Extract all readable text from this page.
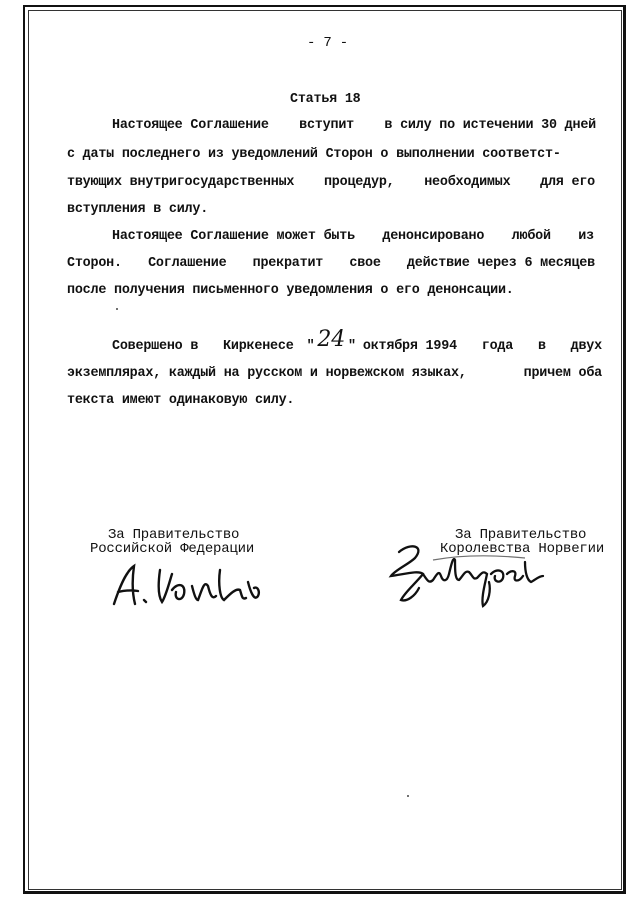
- 7 -
Статья 18
Настоящее Соглашение вступит в силу по истечении 30 дней
с даты последнего из уведомлений Сторон о выполнении соответст-
твующих внутригосударственных процедур, необходимых для его
вступления в силу.
Настоящее Соглашение может быть денонсировано любой из
Сторон. Соглашение прекратит свое действие через 6 месяцев
после получения письменного уведомления о его денонсации.
Совершено в Киркенесе " 24 " октября 1994 года в двух
экземплярах, каждый на русском и норвежском языках,	причем оба
текста имеют одинаковую силу.
За Правительство
Российской Федерации
За Правительство
Королевства Норвегии
